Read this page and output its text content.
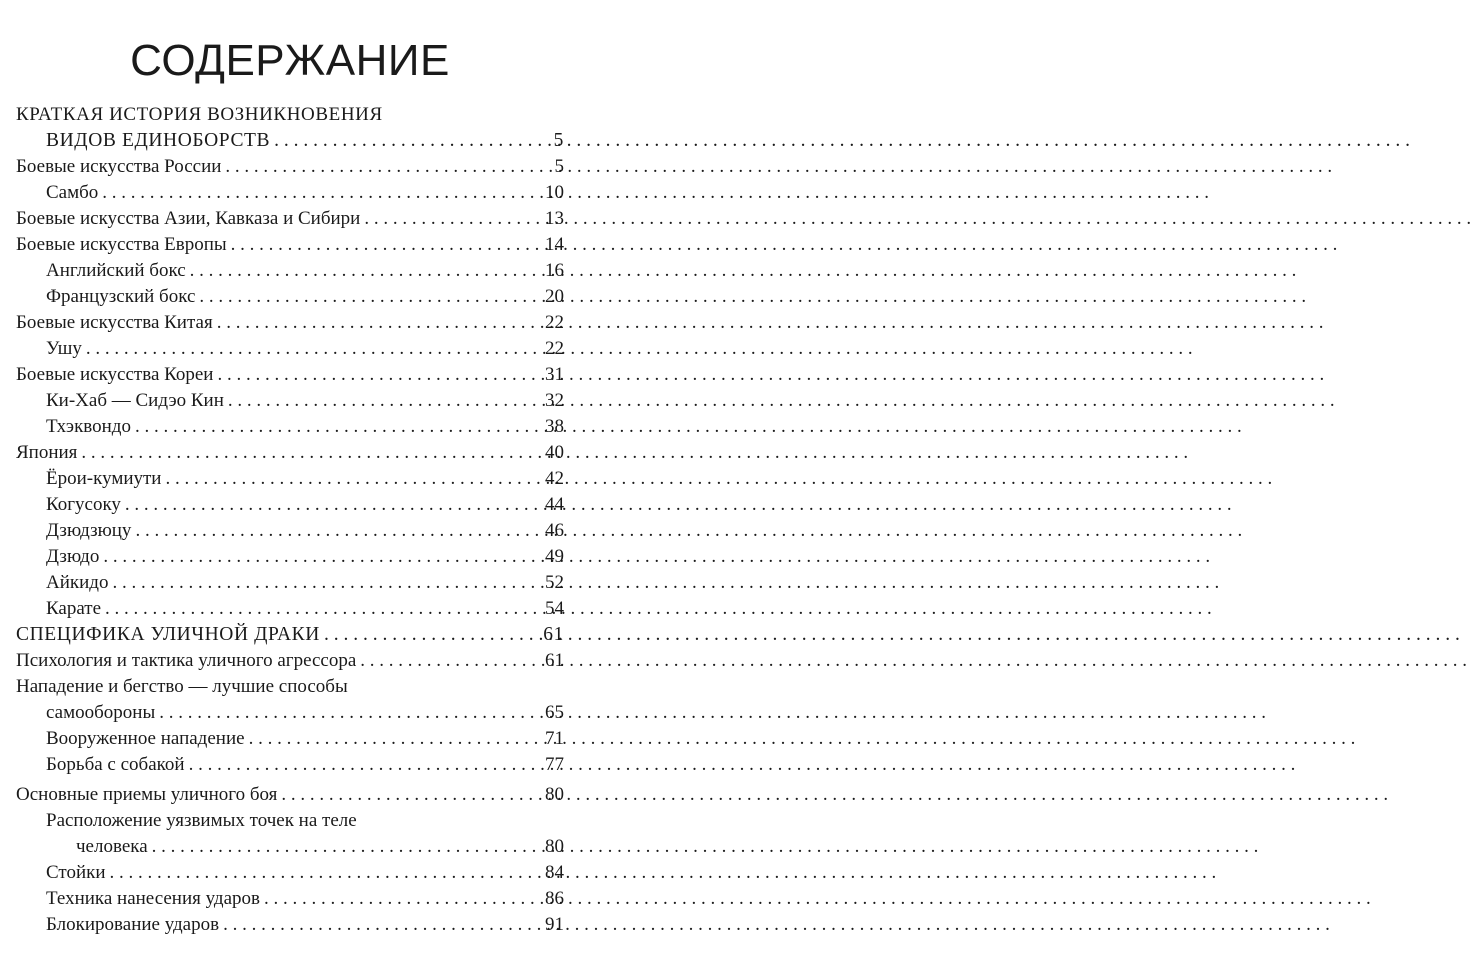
СОДЕРЖАНИЕ
КРАТКАЯ ИСТОРИЯ ВОЗНИКНОВЕНИЯ
ВИДОВ ЕДИНОБОРСТВ . . .	5
Боевые искусства России . . .	5
Самбо . . .	10
Боевые искусства Азии, Кавказа и Сибири . . .	13
Боевые искусства Европы . . .	14
Английский бокс . . .	16
Французский бокс . . .	20
Боевые искусства Китая . . .	22
Ушу . . .	22
Боевые искусства Кореи . . .	31
Ки-Хаб — Сидэо Кин . . .	32
Тхэквондо . . .	38
Япония . . .	40
Ёрои-кумиути . . .	42
Когусоку . . .	44
Дзюдзюцу . . .	46
Дзюдо . . .	49
Айкидо . . .	52
Карате . . .	54
СПЕЦИФИКА УЛИЧНОЙ ДРАКИ . . .	61
Психология и тактика уличного агрессора . . .	61
Нападение и бегство — лучшие способы
самообороны . . .	65
Вооруженное нападение . . .	71
Борьба с собакой . . .	77
Основные приемы уличного боя . . .	80
Расположение уязвимых точек на теле
человека . . .	80
Стойки . . .	84
Техника нанесения ударов . . .	86
Блокирование ударов . . .	91
